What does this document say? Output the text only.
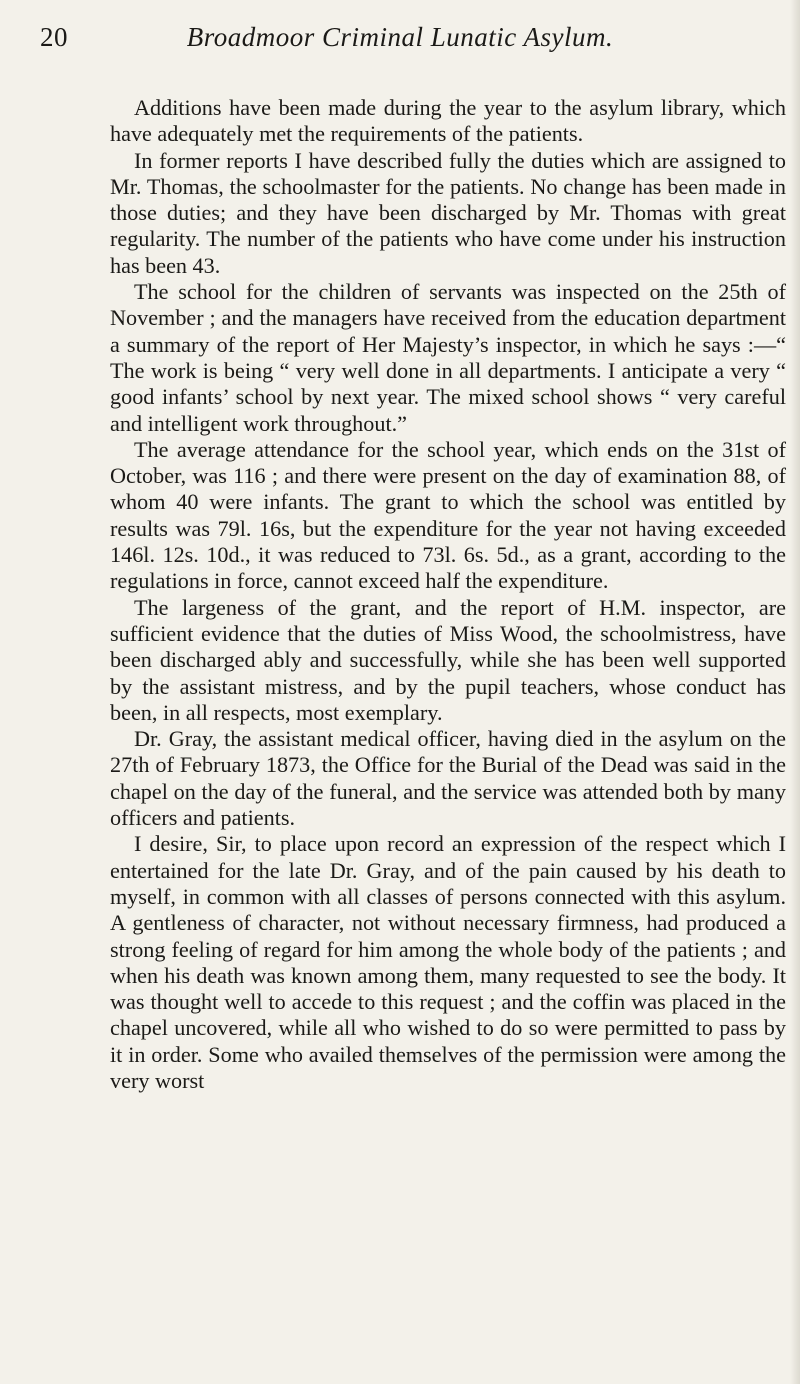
20	Broadmoor Criminal Lunatic Asylum.

Additions have been made during the year to the asylum library, which have adequately met the requirements of the patients.

In former reports I have described fully the duties which are assigned to Mr. Thomas, the schoolmaster for the patients. No change has been made in those duties; and they have been discharged by Mr. Thomas with great regularity. The number of the patients who have come under his instruction has been 43.

The school for the children of servants was inspected on the 25th of November ; and the managers have received from the education department a summary of the report of Her Majesty’s inspector, in which he says :—“ The work is being “ very well done in all departments. I anticipate a very “ good infants’ school by next year. The mixed school shows “ very careful and intelligent work throughout.”

The average attendance for the school year, which ends on the 31st of October, was 116 ; and there were present on the day of examination 88, of whom 40 were infants. The grant to which the school was entitled by results was 79l. 16s, but the expenditure for the year not having exceeded 146l. 12s. 10d., it was reduced to 73l. 6s. 5d., as a grant, according to the regulations in force, cannot exceed half the expenditure.

The largeness of the grant, and the report of H.M. inspector, are sufficient evidence that the duties of Miss Wood, the schoolmistress, have been discharged ably and successfully, while she has been well supported by the assistant mistress, and by the pupil teachers, whose conduct has been, in all respects, most exemplary.

Dr. Gray, the assistant medical officer, having died in the asylum on the 27th of February 1873, the Office for the Burial of the Dead was said in the chapel on the day of the funeral, and the service was attended both by many officers and patients.

I desire, Sir, to place upon record an expression of the respect which I entertained for the late Dr. Gray, and of the pain caused by his death to myself, in common with all classes of persons connected with this asylum. A gentleness of character, not without necessary firmness, had produced a strong feeling of regard for him among the whole body of the patients ; and when his death was known among them, many requested to see the body. It was thought well to accede to this request ; and the coffin was placed in the chapel uncovered, while all who wished to do so were permitted to pass by it in order. Some who availed themselves of the permission were among the very worst
